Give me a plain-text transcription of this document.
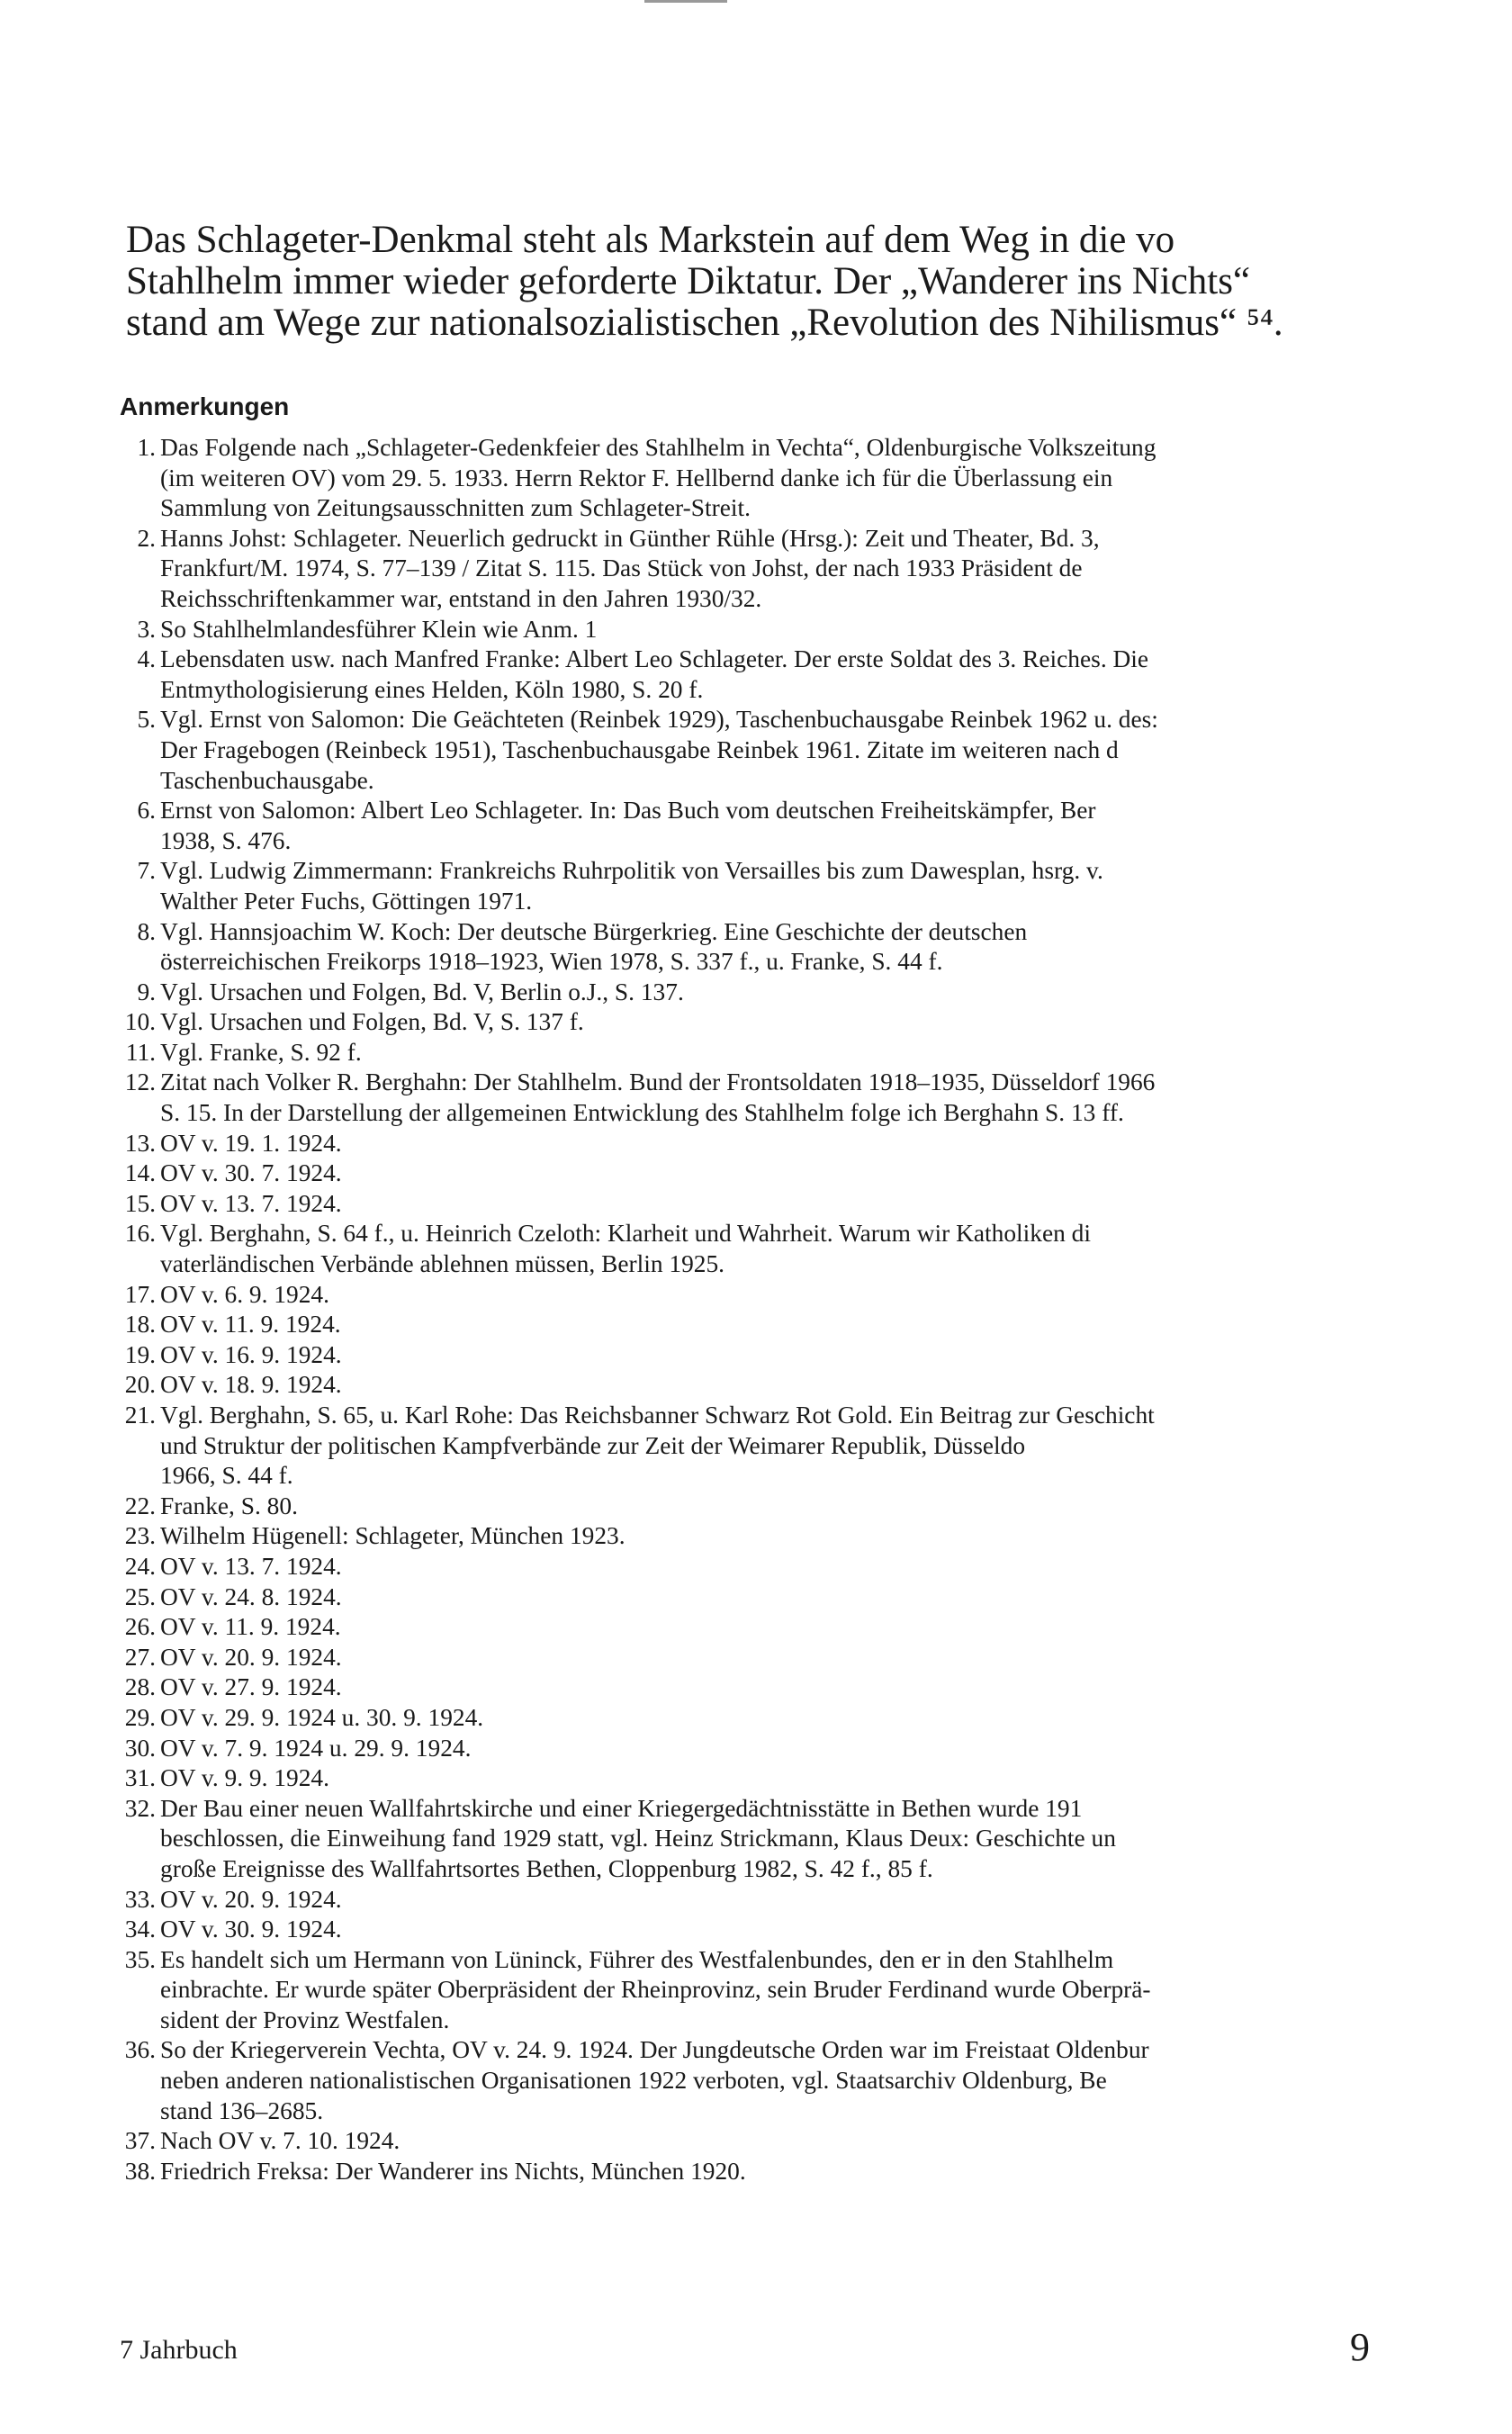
Das Schlageter-Denkmal steht als Markstein auf dem Weg in die vo
Stahlhelm immer wieder geforderte Diktatur. Der „Wanderer ins Nichts“
stand am Wege zur nationalsozialistischen „Revolution des Nihilismus“ ⁵⁴.
Anmerkungen
1. Das Folgende nach „Schlageter-Gedenkfeier des Stahlhelm in Vechta“, Oldenburgische Volkszeitung
(im weiteren OV) vom 29. 5. 1933. Herrn Rektor F. Hellbernd danke ich für die Überlassung ein
Sammlung von Zeitungsausschnitten zum Schlageter-Streit.
2. Hanns Johst: Schlageter. Neuerlich gedruckt in Günther Rühle (Hrsg.): Zeit und Theater, Bd. 3,
Frankfurt/M. 1974, S. 77–139 / Zitat S. 115. Das Stück von Johst, der nach 1933 Präsident de
Reichsschriftenkammer war, entstand in den Jahren 1930/32.
3. So Stahlhelmlandesführer Klein wie Anm. 1
4. Lebensdaten usw. nach Manfred Franke: Albert Leo Schlageter. Der erste Soldat des 3. Reiches. Die
Entmythologisierung eines Helden, Köln 1980, S. 20 f.
5. Vgl. Ernst von Salomon: Die Geächteten (Reinbek 1929), Taschenbuchausgabe Reinbek 1962 u. des:
Der Fragebogen (Reinbeck 1951), Taschenbuchausgabe Reinbek 1961. Zitate im weiteren nach d
Taschenbuchausgabe.
6. Ernst von Salomon: Albert Leo Schlageter. In: Das Buch vom deutschen Freiheitskämpfer, Ber
1938, S. 476.
7. Vgl. Ludwig Zimmermann: Frankreichs Ruhrpolitik von Versailles bis zum Dawesplan, hsrg. v.
Walther Peter Fuchs, Göttingen 1971.
8. Vgl. Hannsjoachim W. Koch: Der deutsche Bürgerkrieg. Eine Geschichte der deutschen
österreichischen Freikorps 1918–1923, Wien 1978, S. 337 f., u. Franke, S. 44 f.
9. Vgl. Ursachen und Folgen, Bd. V, Berlin o.J., S. 137.
10. Vgl. Ursachen und Folgen, Bd. V, S. 137 f.
11. Vgl. Franke, S. 92 f.
12. Zitat nach Volker R. Berghahn: Der Stahlhelm. Bund der Frontsoldaten 1918–1935, Düsseldorf 1966
S. 15. In der Darstellung der allgemeinen Entwicklung des Stahlhelm folge ich Berghahn S. 13 ff.
13. OV v. 19. 1. 1924.
14. OV v. 30. 7. 1924.
15. OV v. 13. 7. 1924.
16. Vgl. Berghahn, S. 64 f., u. Heinrich Czeloth: Klarheit und Wahrheit. Warum wir Katholiken di
vaterländischen Verbände ablehnen müssen, Berlin 1925.
17. OV v. 6. 9. 1924.
18. OV v. 11. 9. 1924.
19. OV v. 16. 9. 1924.
20. OV v. 18. 9. 1924.
21. Vgl. Berghahn, S. 65, u. Karl Rohe: Das Reichsbanner Schwarz Rot Gold. Ein Beitrag zur Geschicht
und Struktur der politischen Kampfverbände zur Zeit der Weimarer Republik, Düsseldo
1966, S. 44 f.
22. Franke, S. 80.
23. Wilhelm Hügenell: Schlageter, München 1923.
24. OV v. 13. 7. 1924.
25. OV v. 24. 8. 1924.
26. OV v. 11. 9. 1924.
27. OV v. 20. 9. 1924.
28. OV v. 27. 9. 1924.
29. OV v. 29. 9. 1924 u. 30. 9. 1924.
30. OV v. 7. 9. 1924 u. 29. 9. 1924.
31. OV v. 9. 9. 1924.
32. Der Bau einer neuen Wallfahrtskirche und einer Kriegergedächtnisstätte in Bethen wurde 191
beschlossen, die Einweihung fand 1929 statt, vgl. Heinz Strickmann, Klaus Deux: Geschichte un
große Ereignisse des Wallfahrtsortes Bethen, Cloppenburg 1982, S. 42 f., 85 f.
33. OV v. 20. 9. 1924.
34. OV v. 30. 9. 1924.
35. Es handelt sich um Hermann von Lüninck, Führer des Westfalenbundes, den er in den Stahlhelm
einbrachte. Er wurde später Oberpräsident der Rheinprovinz, sein Bruder Ferdinand wurde Oberprä-
sident der Provinz Westfalen.
36. So der Kriegerverein Vechta, OV v. 24. 9. 1924. Der Jungdeutsche Orden war im Freistaat Oldenbur
neben anderen nationalistischen Organisationen 1922 verboten, vgl. Staatsarchiv Oldenburg, Be
stand 136–2685.
37. Nach OV v. 7. 10. 1924.
38. Friedrich Freksa: Der Wanderer ins Nichts, München 1920.
7 Jahrbuch	9
